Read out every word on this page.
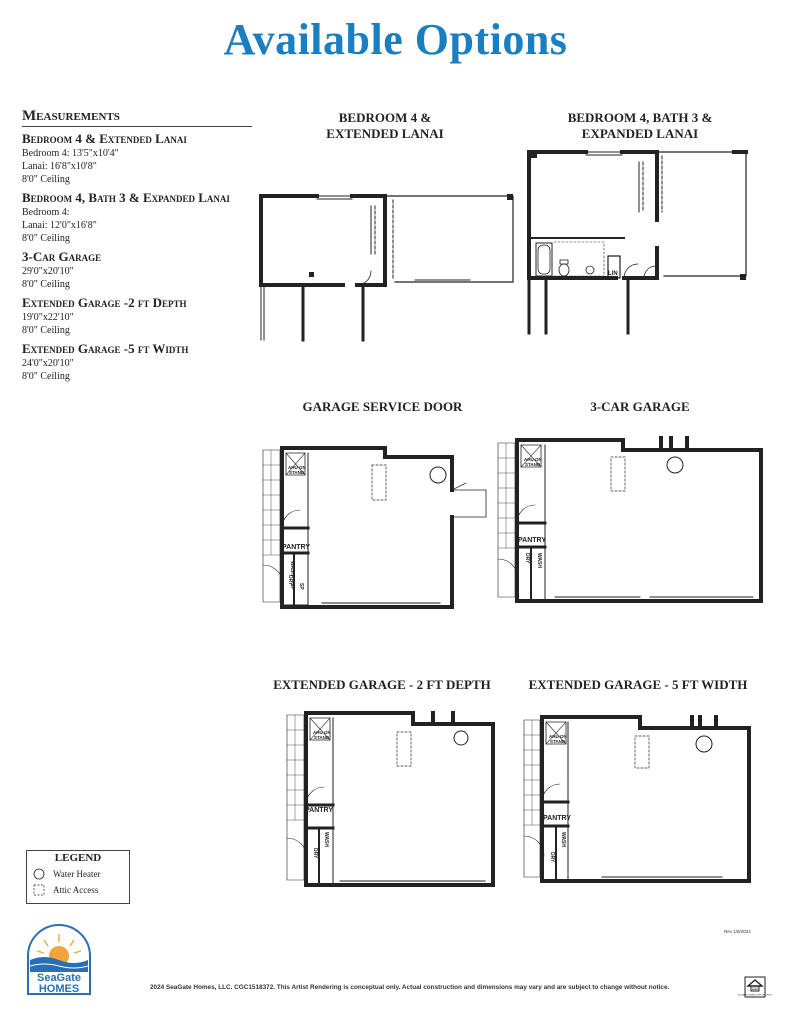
Available Options
Measurements
Bedroom 4 & Extended Lanai
Bedroom 4: 13'5"x10'4"
Lanai: 16'8"x10'8"
8'0" Ceiling
Bedroom 4, Bath 3 & Expanded Lanai
Bedroom 4:
Lanai: 12'0"x16'8"
8'0" Ceiling
3-Car Garage
29'0"x20'10"
8'0" Ceiling
Extended Garage -2 ft Depth
19'0"x22'10"
8'0" Ceiling
Extended Garage -5 ft Width
24'0"x20'10"
8'0" Ceiling
BEDROOM 4 &
EXTENDED LANAI
BEDROOM 4, BATH 3 &
EXPANDED LANAI
GARAGE SERVICE DOOR	3-CAR GARAGE
EXTENDED GARAGE - 2 FT DEPTH	EXTENDED GARAGE - 5 FT WIDTH
LIN
AHU ON
STAND
PANTRY
WASH
SP
DRY
SP
AHU ON
STAND
PANTRY
WASH
DRY
AHU ON
STAND
PANTRY
WASH
DRY
AHU ON
STAND
PANTRY
WASH
DRY
LEGEND
Water Heater
Attic Access
SeaGate
HOMES
Rev 1/9/2024
2024 SeaGate Homes, LLC. CGC1518372. This Artist Rendering is conceptual only. Actual construction and dimensions may vary and are subject to change without notice.
EQUAL HOUSING OPPORTUNITY
